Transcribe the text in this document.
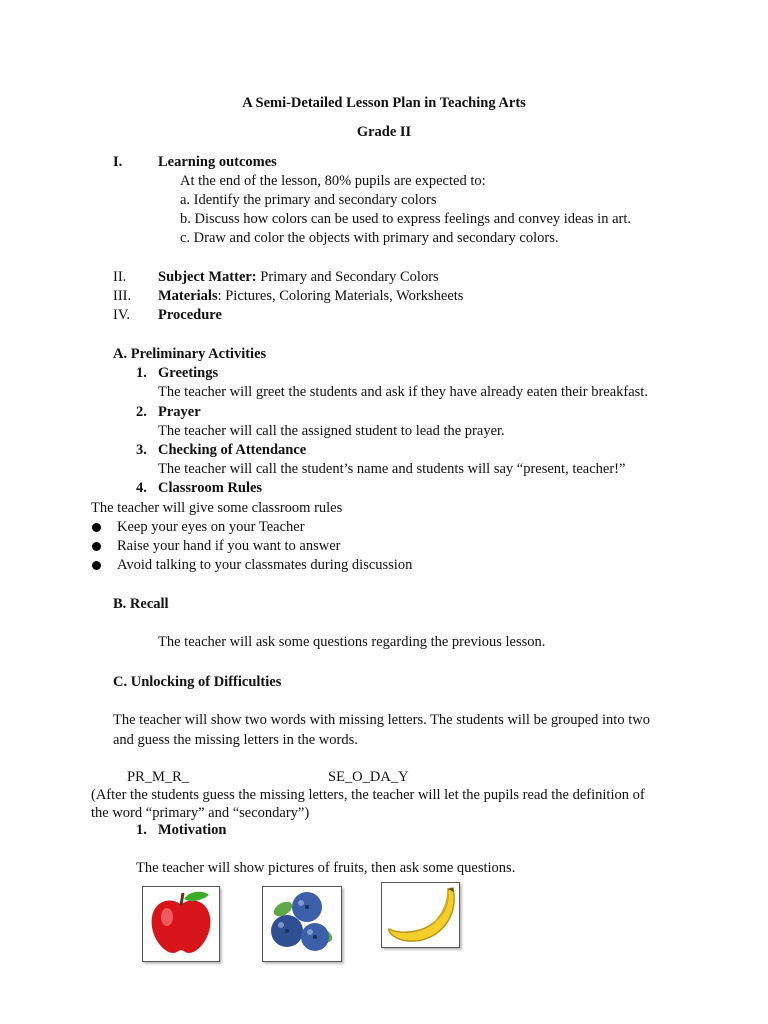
A Semi-Detailed Lesson Plan in Teaching Arts
Grade II
I. Learning outcomes
At the end of the lesson, 80% pupils are expected to:
a. Identify the primary and secondary colors
b. Discuss how colors can be used to express feelings and convey ideas in art.
c. Draw and color the objects with primary and secondary colors.
II. Subject Matter: Primary and Secondary Colors
III. Materials: Pictures, Coloring Materials, Worksheets
IV. Procedure
A. Preliminary Activities
1. Greetings
The teacher will greet the students and ask if they have already eaten their breakfast.
2. Prayer
The teacher will call the assigned student to lead the prayer.
3. Checking of Attendance
The teacher will call the student’s name and students will say “present, teacher!”
4. Classroom Rules
The teacher will give some classroom rules
Keep your eyes on your Teacher
Raise your hand if you want to answer
Avoid talking to your classmates during discussion
B. Recall
The teacher will ask some questions regarding the previous lesson.
C. Unlocking of Difficulties
The teacher will show two words with missing letters. The students will be grouped into two
and guess the missing letters in the words.
PR_M_R_	SE_O_DA_Y
(After the students guess the missing letters, the teacher will let the pupils read the definition of
the word “primary” and “secondary”)
1. Motivation
The teacher will show pictures of fruits, then ask some questions.
